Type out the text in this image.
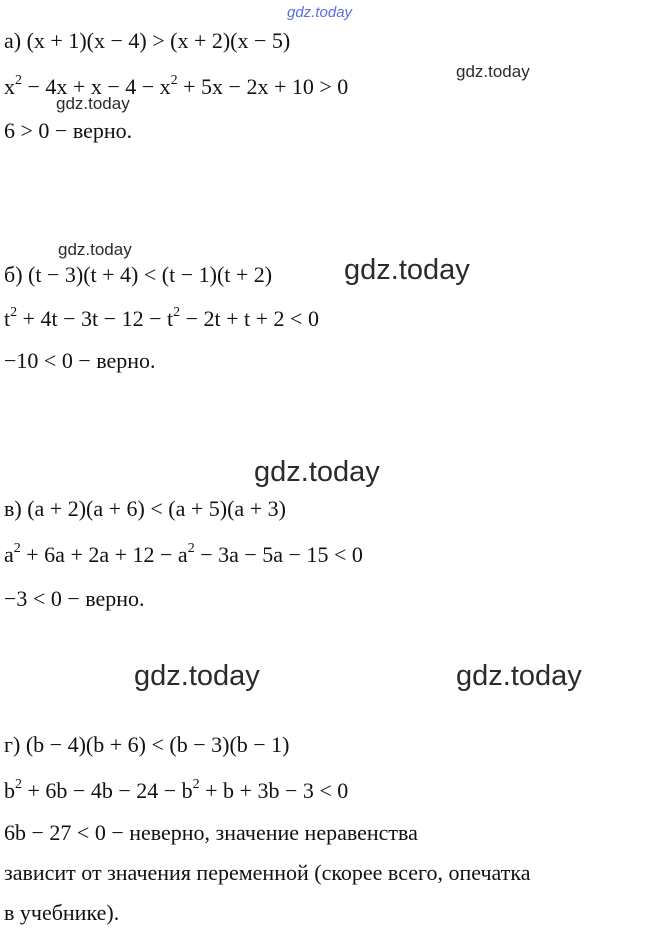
gdz.today
а) (x + 1)(x − 4) > (x + 2)(x − 5)
$x^2 - 4x + x - 4 - x^2 + 5x - 2x + 10 > 0$
gdz.today
gdz.today
6 > 0 − верно.
gdz.today
б) (t − 3)(t + 4) < (t − 1)(t + 2) gdz.today
$t^2 + 4t - 3t - 12 - t^2 - 2t + t + 2 < 0$
−10 < 0 − верно.
gdz.today
в) (a + 2)(a + 6) < (a + 5)(a + 3)
$a^2 + 6a + 2a + 12 - a^2 - 3a - 5a - 15 < 0$
−3 < 0 − верно.
gdz.today	gdz.today
г) (b − 4)(b + 6) < (b − 3)(b − 1)
$b^2 + 6b - 4b - 24 - b^2 + b + 3b - 3 < 0$
6b − 27 < 0 − неверно, значение неравенства
зависит от значения переменной (скорее всего, опечатка
в учебнике).
